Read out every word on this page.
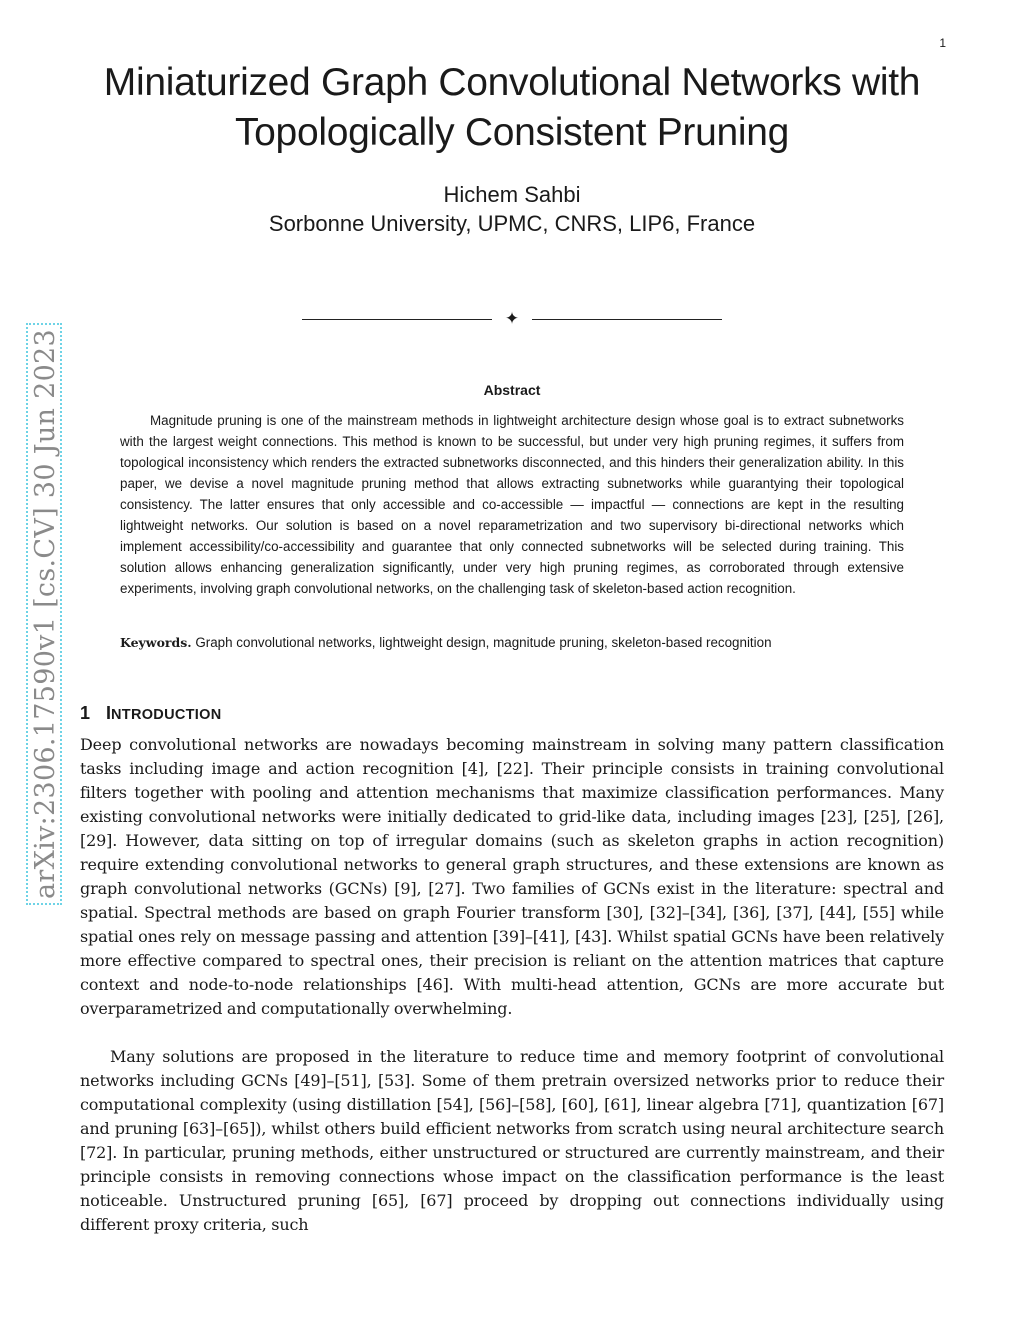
1
Miniaturized Graph Convolutional Networks with
Topologically Consistent Pruning
Hichem Sahbi
Sorbonne University, UPMC, CNRS, LIP6, France
arXiv:2306.17590v1 [cs.CV] 30 Jun 2023
✦
Abstract

Magnitude pruning is one of the mainstream methods in lightweight architecture design whose goal is to extract subnetworks with the largest weight connections. This method is known to be successful, but under very high pruning regimes, it suffers from topological inconsistency which renders the extracted subnetworks disconnected, and this hinders their generalization ability. In this paper, we devise a novel magnitude pruning method that allows extracting subnetworks while guarantying their topological consistency. The latter ensures that only accessible and co-accessible — impactful — connections are kept in the resulting lightweight networks. Our solution is based on a novel reparametrization and two supervisory bi-directional networks which implement accessibility/co-accessibility and guarantee that only connected subnetworks will be selected during training. This solution allows enhancing generalization significantly, under very high pruning regimes, as corroborated through extensive experiments, involving graph convolutional networks, on the challenging task of skeleton-based action recognition.

Keywords. Graph convolutional networks, lightweight design, magnitude pruning, skeleton-based recognition
1 INTRODUCTION

Deep convolutional networks are nowadays becoming mainstream in solving many pattern classification tasks including image and action recognition [4], [22]. Their principle consists in training convolutional filters together with pooling and attention mechanisms that maximize classification performances. Many existing convolutional networks were initially dedicated to grid-like data, including images [23], [25], [26], [29]. However, data sitting on top of irregular domains (such as skeleton graphs in action recognition) require extending convolutional networks to general graph structures, and these extensions are known as graph convolutional networks (GCNs) [9], [27]. Two families of GCNs exist in the literature: spectral and spatial. Spectral methods are based on graph Fourier transform [30], [32]–[34], [36], [37], [44], [55] while spatial ones rely on message passing and attention [39]–[41], [43]. Whilst spatial GCNs have been relatively more effective compared to spectral ones, their precision is reliant on the attention matrices that capture context and node-to-node relationships [46]. With multi-head attention, GCNs are more accurate but overparametrized and computationally overwhelming.

Many solutions are proposed in the literature to reduce time and memory footprint of convolutional networks including GCNs [49]–[51], [53]. Some of them pretrain oversized networks prior to reduce their computational complexity (using distillation [54], [56]–[58], [60], [61], linear algebra [71], quantization [67] and pruning [63]–[65]), whilst others build efficient networks from scratch using neural architecture search [72]. In particular, pruning methods, either unstructured or structured are currently mainstream, and their principle consists in removing connections whose impact on the classification performance is the least noticeable. Unstructured pruning [65], [67] proceed by dropping out connections individually using different proxy criteria, such
